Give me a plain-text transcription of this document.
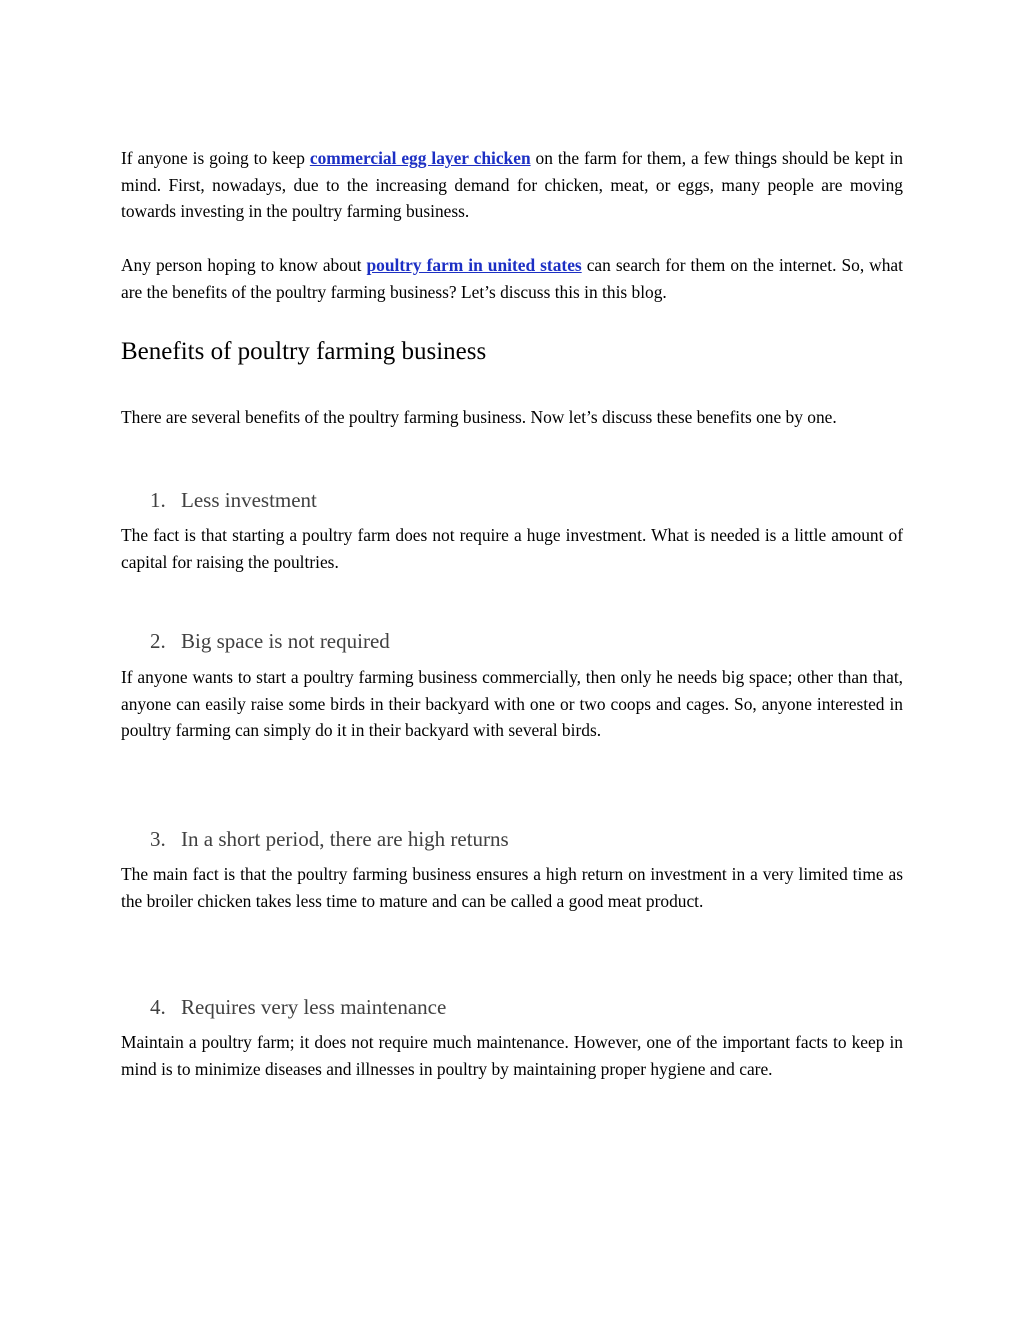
If anyone is going to keep commercial egg layer chicken on the farm for them, a few things should be kept in mind. First, nowadays, due to the increasing demand for chicken, meat, or eggs, many people are moving towards investing in the poultry farming business.

Any person hoping to know about poultry farm in united states can search for them on the internet. So, what are the benefits of the poultry farming business? Let’s discuss this in this blog.

Benefits of poultry farming business

There are several benefits of the poultry farming business. Now let’s discuss these benefits one by one.

1. Less investment

The fact is that starting a poultry farm does not require a huge investment. What is needed is a little amount of capital for raising the poultries.

2. Big space is not required

If anyone wants to start a poultry farming business commercially, then only he needs big space; other than that, anyone can easily raise some birds in their backyard with one or two coops and cages. So, anyone interested in poultry farming can simply do it in their backyard with several birds.

3. In a short period, there are high returns

The main fact is that the poultry farming business ensures a high return on investment in a very limited time as the broiler chicken takes less time to mature and can be called a good meat product.

4. Requires very less maintenance

Maintain a poultry farm; it does not require much maintenance. However, one of the important facts to keep in mind is to minimize diseases and illnesses in poultry by maintaining proper hygiene and care.
